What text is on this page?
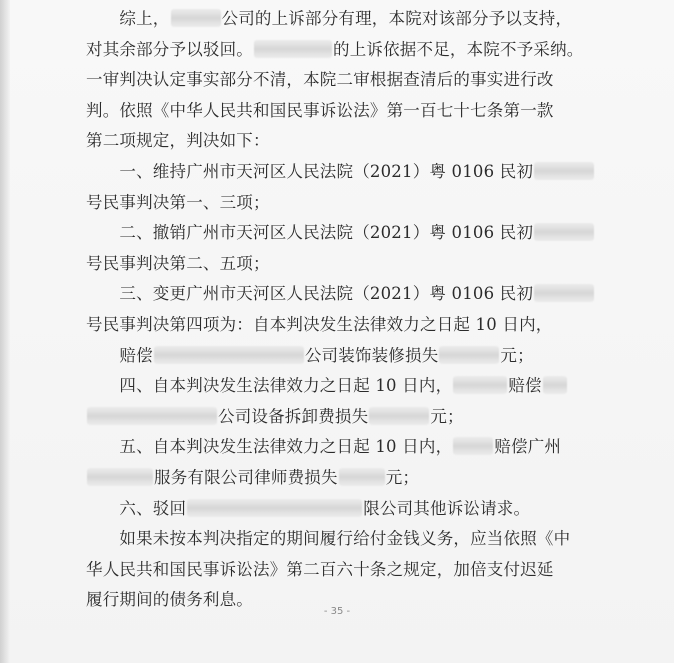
　　综上，	公司的上诉部分有理，本院对该部分予以支持，
对其余部分予以驳回。	的上诉依据不足，本院不予采纳。
一审判决认定事实部分不清，本院二审根据查清后的事实进行改
判。依照《中华人民共和国民事诉讼法》第一百七十七条第一款
第二项规定，判决如下：
　　一、维持广州市天河区人民法院（2021）粤 0106 民初
号民事判决第一、三项；
　　二、撤销广州市天河区人民法院（2021）粤 0106 民初
号民事判决第二、五项；
　　三、变更广州市天河区人民法院（2021）粤 0106 民初
号民事判决第四项为：自本判决发生法律效力之日起 10 日内，
　　赔偿	公司装饰装修损失	元；
　　四、自本判决发生法律效力之日起 10 日内，	赔偿
公司设备拆卸费损失	元；
　　五、自本判决发生法律效力之日起 10 日内，	赔偿广州
服务有限公司律师费损失	元；
　　六、驳回	限公司其他诉讼请求。
　　如果未按本判决指定的期间履行给付金钱义务，应当依照《中
华人民共和国民事诉讼法》第二百六十条之规定，加倍支付迟延
履行期间的债务利息。
- 35 -
